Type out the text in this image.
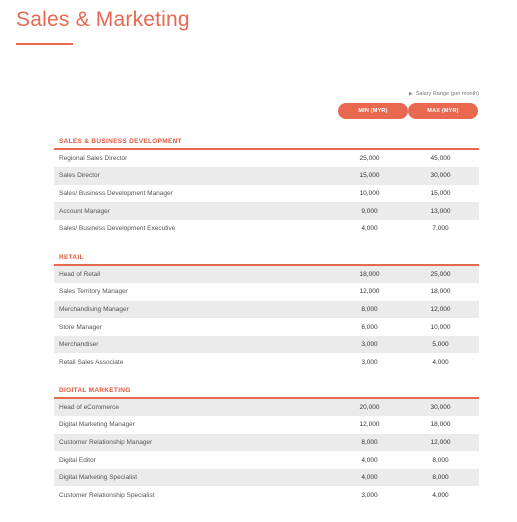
Sales & Marketing
▶ Salary Range (per month)
MIN (MYR)	MAX (MYR)
SALES & BUSINESS DEVELOPMENT
Regional Sales Director	25,000	45,000
Sales Director	15,000	30,000
Sales/ Business Development Manager	10,000	15,000
Account Manager	9,000	13,000
Sales/ Business Development Executive	4,000	7,000
RETAIL
Head of Retail	18,000	25,000
Sales Territory Manager	12,000	18,000
Merchandising Manager	8,000	12,000
Store Manager	6,000	10,000
Merchandiser	3,000	5,000
Retail Sales Associate	3,000	4,000
DIGITAL MARKETING
Head of eCommerce	20,000	30,000
Digital Marketing Manager	12,000	18,000
Customer Relationship Manager	8,000	12,000
Digital Editor	4,000	8,000
Digital Marketing Specialist	4,000	8,000
Customer Relationship Specialist	3,000	4,000
